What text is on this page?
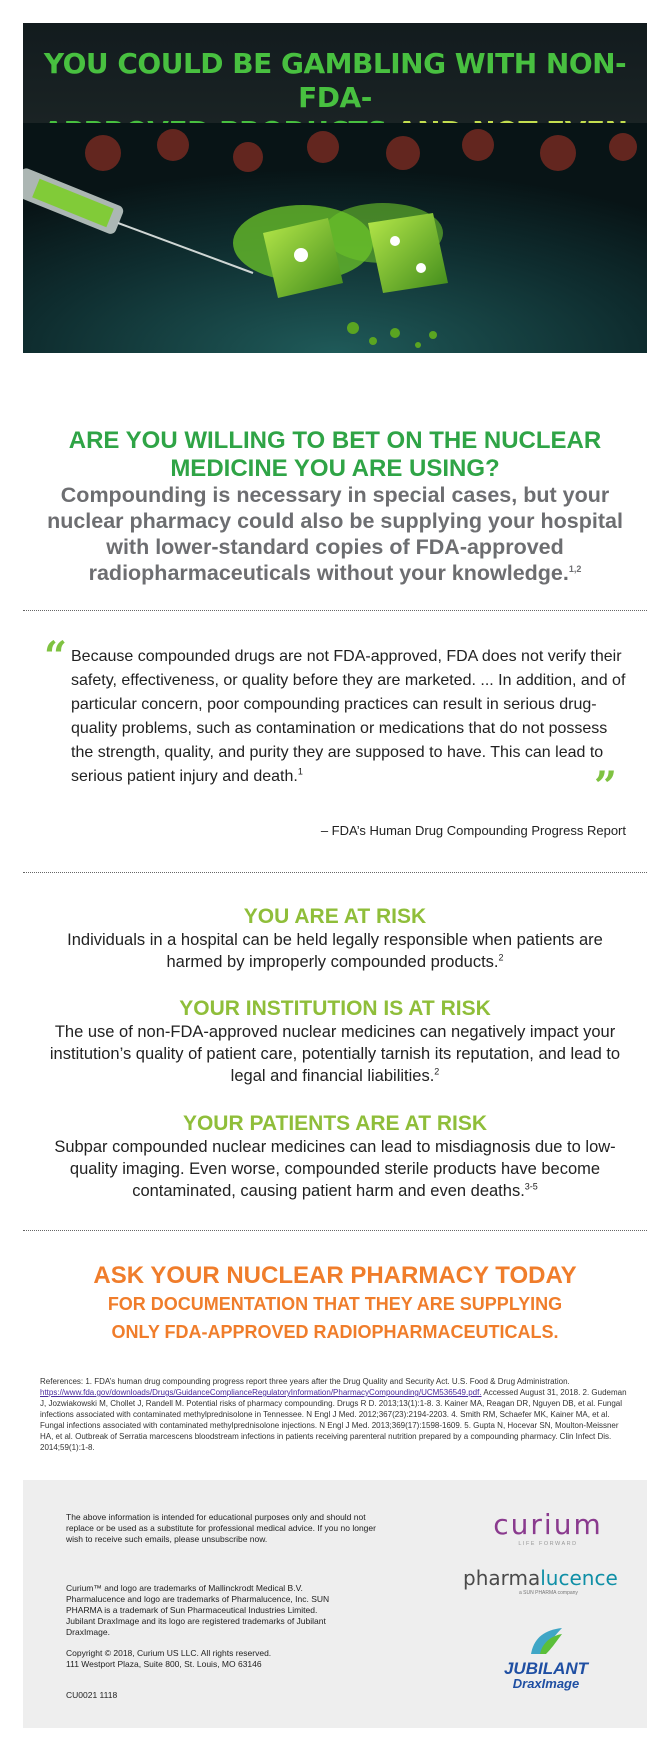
YOU COULD BE GAMBLING WITH NON-FDA-
ARE YOU WILLING TO BET ON THE NUCLEAR
MEDICINE YOU ARE USING?
Compounding is necessary in special cases, but your nuclear pharmacy could also be supplying your hospital with lower-standard copies of FDA-approved radiopharmaceuticals without your knowledge.$^{1,2}$
“ Because compounded drugs are not FDA-approved, FDA does not verify their safety, effectiveness, or quality before they are marketed. ... In addition, and of particular concern, poor compounding practices can result in serious drug-quality problems, such as contamination or medications that do not possess the strength, quality, and purity they are supposed to have. This can lead to serious patient injury and death.$^1$	”
– FDA’s Human Drug Compounding Progress Report
YOU ARE AT RISK
Individuals in a hospital can be held legally responsible when patients are harmed by improperly compounded products.$^2$
YOUR INSTITUTION IS AT RISK
The use of non-FDA-approved nuclear medicines can negatively impact your institution’s quality of patient care, potentially tarnish its reputation, and lead to legal and financial liabilities.$^2$
YOUR PATIENTS ARE AT RISK
Subpar compounded nuclear medicines can lead to misdiagnosis due to low-quality imaging. Even worse, compounded sterile products have become contaminated, causing patient harm and even deaths.$^{3-5}$
ASK YOUR NUCLEAR PHARMACY TODAY
FOR DOCUMENTATION THAT THEY ARE SUPPLYING
ONLY FDA-APPROVED RADIOPHARMACEUTICALS.
References: 1. FDA’s human drug compounding progress report three years after the Drug Quality and Security Act. U.S. Food & Drug Administration. https://www.fda.gov/downloads/Drugs/GuidanceComplianceRegulatoryInformation/PharmacyCompounding/UCM536549.pdf. Accessed August 31, 2018. 2. Gudeman J, Jozwiakowski M, Chollet J, Randell M. Potential risks of pharmacy compounding. Drugs R D. 2013;13(1):1-8. 3. Kainer MA, Reagan DR, Nguyen DB, et al. Fungal infections associated with contaminated methylprednisolone in Tennessee. N Engl J Med. 2012;367(23):2194-2203. 4. Smith RM, Schaefer MK, Kainer MA, et al. Fungal infections associated with contaminated methylprednisolone injections. N Engl J Med. 2013;369(17):1598-1609. 5. Gupta N, Hocevar SN, Moulton-Meissner HA, et al. Outbreak of Serratia marcescens bloodstream infections in patients receiving parenteral nutrition prepared by a compounding pharmacy. Clin Infect Dis. 2014;59(1):1-8.
The above information is intended for educational purposes only and should not replace or be used as a substitute for professional medical advice. If you no longer wish to receive such emails, please unsubscribe now.
Curium™ and logo are trademarks of Mallinckrodt Medical B.V. Pharmalucence and logo are trademarks of Pharmalucence, Inc. SUN PHARMA is a trademark of Sun Pharmaceutical Industries Limited. Jubilant DraxImage and its logo are registered trademarks of Jubilant DraxImage.
Copyright © 2018, Curium US LLC. All rights reserved.
111 Westport Plaza, Suite 800, St. Louis, MO 63146
CU0021 1118
curium
LIFE FORWARD
pharmalucence
a SUN PHARMA company
JUBILANT
DraxImage
